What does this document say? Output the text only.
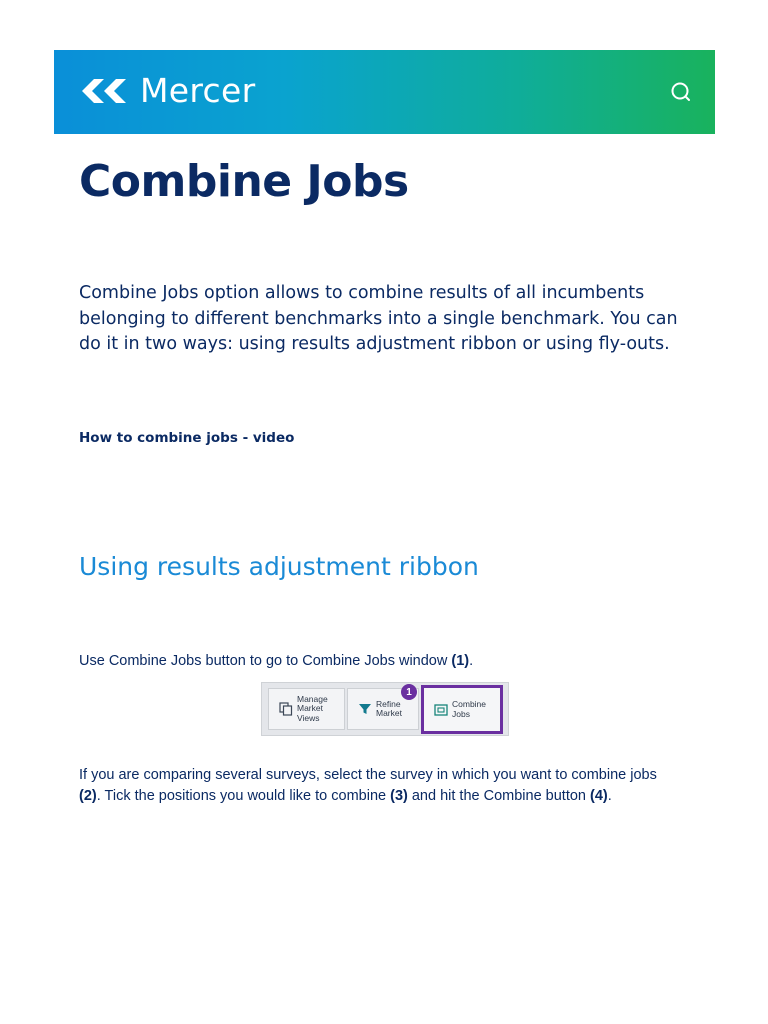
Mercer
Combine Jobs

Combine Jobs option allows to combine results of all incumbents belonging to different benchmarks into a single benchmark. You can do it in two ways: using results adjustment ribbon or using fly-outs.

How to combine jobs - video
Using results adjustment ribbon

Use Combine Jobs button to go to Combine Jobs window (1).

Manage
Market
Views
Refine
Market
1
Combine
Jobs

If you are comparing several surveys, select the survey in which you want to combine jobs (2). Tick the positions you would like to combine (3) and hit the Combine button (4).
